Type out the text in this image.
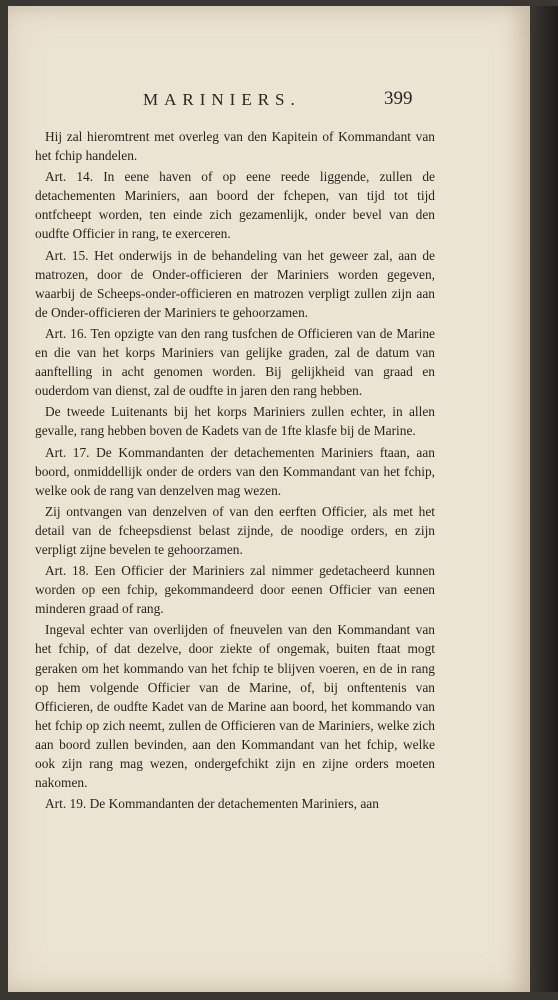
MARINIERS.	399

Hij zal hieromtrent met overleg van den Kapitein of Kommandant van het fchip handelen.

Art. 14. In eene haven of op eene reede liggende, zullen de detachementen Mariniers, aan boord der fchepen, van tijd tot tijd ontfcheept worden, ten einde zich gezamenlijk, onder bevel van den oudfte Officier in rang, te exerceren.

Art. 15. Het onderwijs in de behandeling van het geweer zal, aan de matrozen, door de Onder-officieren der Mariniers worden gegeven, waarbij de Scheeps-onder-officieren en matrozen verpligt zullen zijn aan de Onder-officieren der Mariniers te gehoorzamen.

Art. 16. Ten opzigte van den rang tusfchen de Officieren van de Marine en die van het korps Mariniers van gelijke graden, zal de datum van aanftelling in acht genomen worden. Bij gelijkheid van graad en ouderdom van dienst, zal de oudfte in jaren den rang hebben.

De tweede Luitenants bij het korps Mariniers zullen echter, in allen gevalle, rang hebben boven de Kadets van de 1fte klasfe bij de Marine.

Art. 17. De Kommandanten der detachementen Mariniers ftaan, aan boord, onmiddellijk onder de orders van den Kommandant van het fchip, welke ook de rang van denzelven mag wezen.

Zij ontvangen van denzelven of van den eerften Officier, als met het detail van de fcheepsdienst belast zijnde, de noodige orders, en zijn verpligt zijne bevelen te gehoorzamen.

Art. 18. Een Officier der Mariniers zal nimmer gedetacheerd kunnen worden op een fchip, gekommandeerd door eenen Officier van eenen minderen graad of rang.

Ingeval echter van overlijden of fneuvelen van den Kommandant van het fchip, of dat dezelve, door ziekte of ongemak, buiten ftaat mogt geraken om het kommando van het fchip te blijven voeren, en de in rang op hem volgende Officier van de Marine, of, bij onftentenis van Officieren, de oudfte Kadet van de Marine aan boord, het kommando van het fchip op zich neemt, zullen de Officieren van de Mariniers, welke zich aan boord zullen bevinden, aan den Kommandant van het fchip, welke ook zijn rang mag wezen, ondergefchikt zijn en zijne orders moeten nakomen.

Art. 19. De Kommandanten der detachementen Mariniers, aan
